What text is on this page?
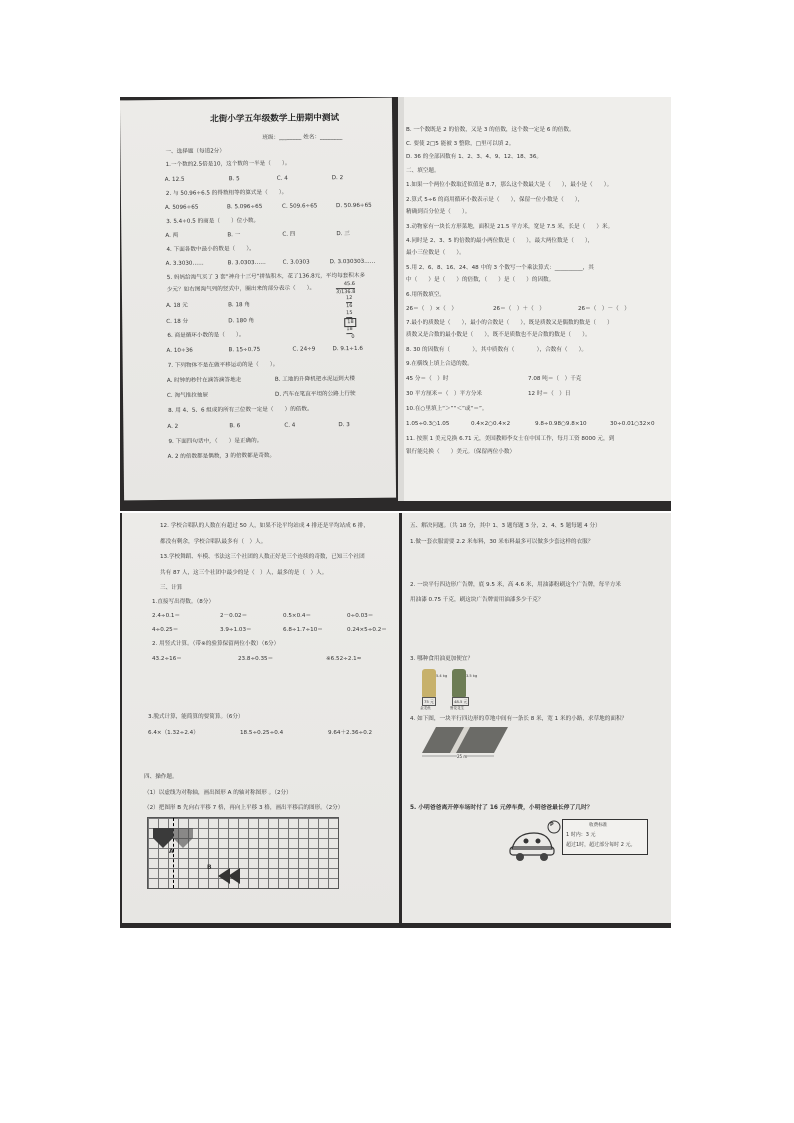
北街小学五年级数学上册期中测试
班级：________ 姓名：________
一、选择题（每道2分）
1.一个数的2.5倍是10，这个数的一半是（　　）。
A. 12.5	B. 5	C. 4	D. 2
2. 与 50.96÷6.5 的得数相等的算式是（　　）。
A. 5096÷65	B. 5.096÷65	C. 509.6÷65	D. 50.96÷65
3. 5.4÷0.5 的商是（　　）位小数。
A. 两	B. 一	C. 四	D. 三
4. 下面各数中最小的数是（　　）。
A. 3.3030……	B. 3.0303……	C. 3.0303	D. 3.030303……
5. 妈妈给淘气买了 3 套“神舟十三号”拼装积木，花了136.8元，平均每套积木多
少元？如右图淘气列的竖式中，圈出来的部分表示（　　）。
A. 18 元	B. 18 角
C. 18 分	D. 180 角
45.6
3)136.8
12
16
15
18
18
0
6. 商是循环小数的是（　　）。
A. 10÷36	B. 15÷0.75	C. 24÷9	D. 9.1÷1.6
7. 下列物体不是在做平移运动的是（　　）。
A. 时钟的秒针在滴答滴答地走	B. 工地的升降机把水泥运到大楼
C. 淘气推拉抽屉	D. 汽车在笔直平坦的公路上行驶
8. 用 4、5、6 组成的所有三位数一定是（　　）的倍数。
A. 2	B. 6	C. 4	D. 3
9. 下面四句话中，（　　）是正确的。
A. 2 的倍数都是偶数，3 的倍数都是奇数。
B. 一个数既是 2 的倍数，又是 3 的倍数，这个数一定是 6 的倍数。
C. 要使 2□5 能被 3 整除，□里可以填 2。
D. 36 的全部因数有 1、2、3、4、9、12、18、36。
二、填空题。
1.如果一个两位小数取近似值是 8.7，那么这个数最大是（　　），最小是（　　）。
2.算式 5÷6 的商用循环小数表示是（　　），保留一位小数是（　　），
精确到百分位是（　　）。
3.动物家有一块长方形菜地，面积是 21.5 平方米，宽是 7.5 米，长是（　　）米。
4.同时是 2、3、5 的倍数的最小两位数是（　　），最大两位数是（　　），
最小三位数是（　　）。
5.用 2、6、8、16、24、48 中的 3 个数写一个乘法算式：__________，其
中（　　）是（　　）的倍数，（　　）是（　　）的因数。
6.用所数填空。
26＝（　）×（　）	26＝（　）＋（　）	26＝（　）－（　）
7.最小的质数是（　　），最小的合数是（　　），既是质数又是偶数的数是（　　）
质数又是合数的最小数是（　　），既不是质数也不是合数的数是（　　）。
8. 30 的因数有（　　　　），其中质数有（　　　　），合数有（　　）。
9.在横线上填上合适的数。
45 分＝（　）时	7.08 吨＝（　）千克
30 平方厘米＝（　）平方分米	12 时＝（　）日
10.在○里填上“＞”“＜”或“＝”。
1.05÷0.3○1.05	0.4×2○0.4×2	9.8÷0.98○9.8×10	30÷0.01○32×0
11. 按照 1 美元兑换 6.71 元，美国教师李女士在中国工作，每月工资 8000 元，到
银行能兑换（　　）美元。（保留两位小数）
12. 学校合唱队的人数在有超过 50 人，如果不论平均站成 4 排还是平均站成 6 排，
都没有剩余，学校合唱队最多有（　）人。
13.学校舞蹈、车模、书法这三个社团的人数正好是三个连续的奇数，已知三个社团
共有 87 人，这三个社团中最少的是（　）人，最多的是（　）人。
三、计算
1.直接写出得数。（8分）
2.4÷0.1＝	2－0.02＝	0.5×0.4＝	0÷0.03＝
4÷0.25＝	3.9÷1.03＝	6.8÷1.7÷10＝	0.24×5÷0.2＝
2. 用竖式计算。（带※的验算保留两位小数）（6分）
43.2÷16＝	23.8÷0.35＝	※6.52÷2.1≈
3.脱式计算，能简算的要简算。（6分）
6.4×（1.32÷2.4）	18.5÷0.25÷0.4	9.64＋2.36÷0.2
四、操作题。
（1）以虚线为对称轴，画出图形 A 的轴对称图形 。（2分）
（2）把图形 B 先向右平移 7 格，再向上平移 3 格，画出平移后的图形。（2分）
A
B
五、解决问题。（共 18 分，其中 1、3 题每题 3 分，2、4、5 题每题 4 分）
1.做一套衣服需要 2.2 米布料，30 米布料最多可以做多少套这样的衣服？
2. 一块平行四边形广告牌，底 9.5 米，高 4.6 米，用油漆粉刷这个广告牌，每平方米
用油漆 0.75 千克，刷这块广告牌需用油漆多少千克？
3. 哪种食用油更加便宜？
5.4 kg	3.5 kg
75 元	48.5 元
金龙鱼	鲁花花生
4. 如下图，一块平行四边形的草地中间有一条长 8 米，宽 1 米的小路，求草地的面积？
25 m
5. 小明爸爸离开停车场时付了 16 元停车费，小明爸爸最长停了几时？
P	收费标准
1 时内：3 元
超过1时，超过部分每时 2 元。
